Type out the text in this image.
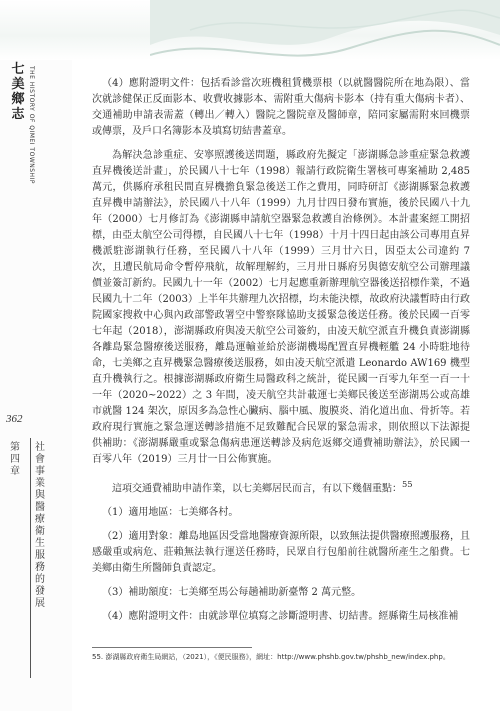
七美鄉志 THE HISTORY OF QIMEI TOWNSHIP
362
第四章
社會事業與醫療衛生服務的發展

（4）應附證明文件：包括看診當次班機租賃機票根（以就醫醫院所在地為限）、當次就診健保正反面影本、收費收據影本、需附重大傷病卡影本（持有重大傷病卡者）、交通補助申請表需蓋（轉出／轉入）醫院之醫院章及醫師章，陪同家屬需附來回機票或傳票，及戶口名簿影本及填寫切結書蓋章。

為解決急診重症、安寧照護後送問題，縣政府先擬定「澎湖縣急診重症緊急救護直昇機後送計畫」，於民國八十七年（1998）報請行政院衛生署核可專案補助 2,485 萬元，供縣府承租民間直昇機擔負緊急後送工作之費用，同時研訂《澎湖縣緊急救護直昇機申請辦法》，於民國八十八年（1999）九月廿四日發布實施，後於民國八十九年（2000）七月修訂為《澎湖縣申請航空器緊急救護自治條例》。本計畫案經工開招標，由亞太航空公司得標，自民國八十七年（1998）十月十四日起由該公司專用直昇機派駐澎湖執行任務，至民國八十八年（1999）三月廿六日，因亞太公司違約 7 次，且遭民航局命令暫停飛航，故解理解約，三月卅日縣府另與德安航空公司辦理議價並簽訂新約。民國九十一年（2002）七月起應重新辦理航空器後送招標作業，不過民國九十二年（2003）上半年共辦理九次招標，均未能決標，故政府決議暫時由行政院國家搜救中心與內政部警政署空中警察隊協助支援緊急後送任務。後於民國一百零七年起（2018），澎湖縣政府與凌天航空公司簽約，由凌天航空派直升機負責澎湖縣各離島緊急醫療後送服務，離島運輸並給於澎湖機場配置直昇機輕艦 24 小時駐地待命，七美鄉之直昇機緊急醫療後送服務，如由凌天航空派遣 Leonardo AW169 機型直升機執行之。根據澎湖縣政府衛生局醫政科之統計，從民國一百零九年至一百一十一年（2020~2022）之 3 年間，凌天航空共計載運七美鄉民後送至澎湖馬公或高雄市就醫 124 架次，原因多為急性心臟病、腦中風、腹膜炎、消化道出血、骨折等。若政府現行實施之緊急運送轉診措施不足致難配合民眾的緊急需求，則依照以下法源提供補助：《澎湖縣嚴重或緊急傷病患運送轉診及病危返鄉交通費補助辦法》，於民國一百零八年（2019）三月廿一日公佈實施。

這項交通費補助申請作業，以七美鄉居民而言，有以下幾個重點：$^{55}$

（1）適用地區：七美鄉各村。

（2）適用對象：離島地區因受當地醫療資源所限，以致無法提供醫療照護服務，且感嚴重或病危、莊賴無法執行運送任務時，民眾自行包船前往就醫所產生之船費。七美鄉由衛生所醫師負責認定。

（3）補助額度：七美鄉至馬公每趟補助新臺幣 2 萬元整。

（4）應附證明文件：由就診單位填寫之診斷證明書、切結書。經縣衛生局核准補

55. 澎湖縣政府衛生局網站，（2021），《便民服務》，網址：http://www.phshb.gov.tw/phshb_new/index.php。
